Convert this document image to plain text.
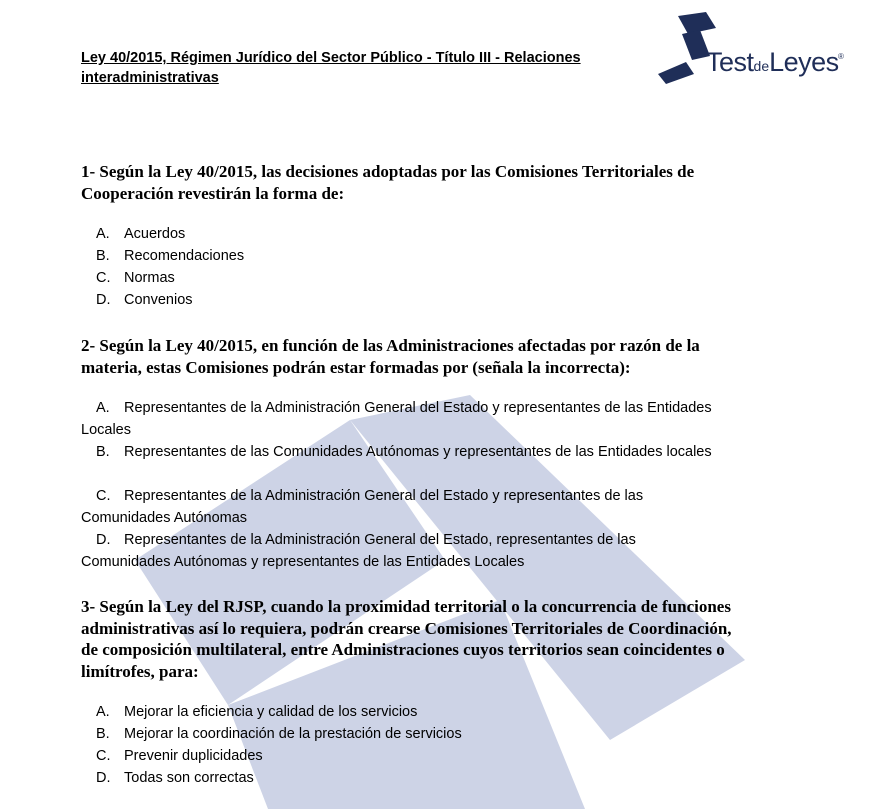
Ley 40/2015, Régimen Jurídico del Sector Público - Título III - Relaciones interadministrativas
TestdeLeyes ®
1- Según la Ley 40/2015, las decisiones adoptadas por las Comisiones Territoriales de Cooperación revestirán la forma de:
A. Acuerdos
B. Recomendaciones
C. Normas
D. Convenios
2- Según la Ley 40/2015, en función de las Administraciones afectadas por razón de la materia, estas Comisiones podrán estar formadas por (señala la incorrecta):
A. Representantes de la Administración General del Estado y representantes de las Entidades Locales
B. Representantes de las Comunidades Autónomas y representantes de las Entidades locales
C. Representantes de la Administración General del Estado y representantes de las Comunidades Autónomas
D. Representantes de la Administración General del Estado, representantes de las Comunidades Autónomas y representantes de las Entidades Locales
3- Según la Ley del RJSP, cuando la proximidad territorial o la concurrencia de funciones administrativas así lo requiera, podrán crearse Comisiones Territoriales de Coordinación, de composición multilateral, entre Administraciones cuyos territorios sean coincidentes o limítrofes, para:
A. Mejorar la eficiencia y calidad de los servicios
B. Mejorar la coordinación de la prestación de servicios
C. Prevenir duplicidades
D. Todas son correctas
